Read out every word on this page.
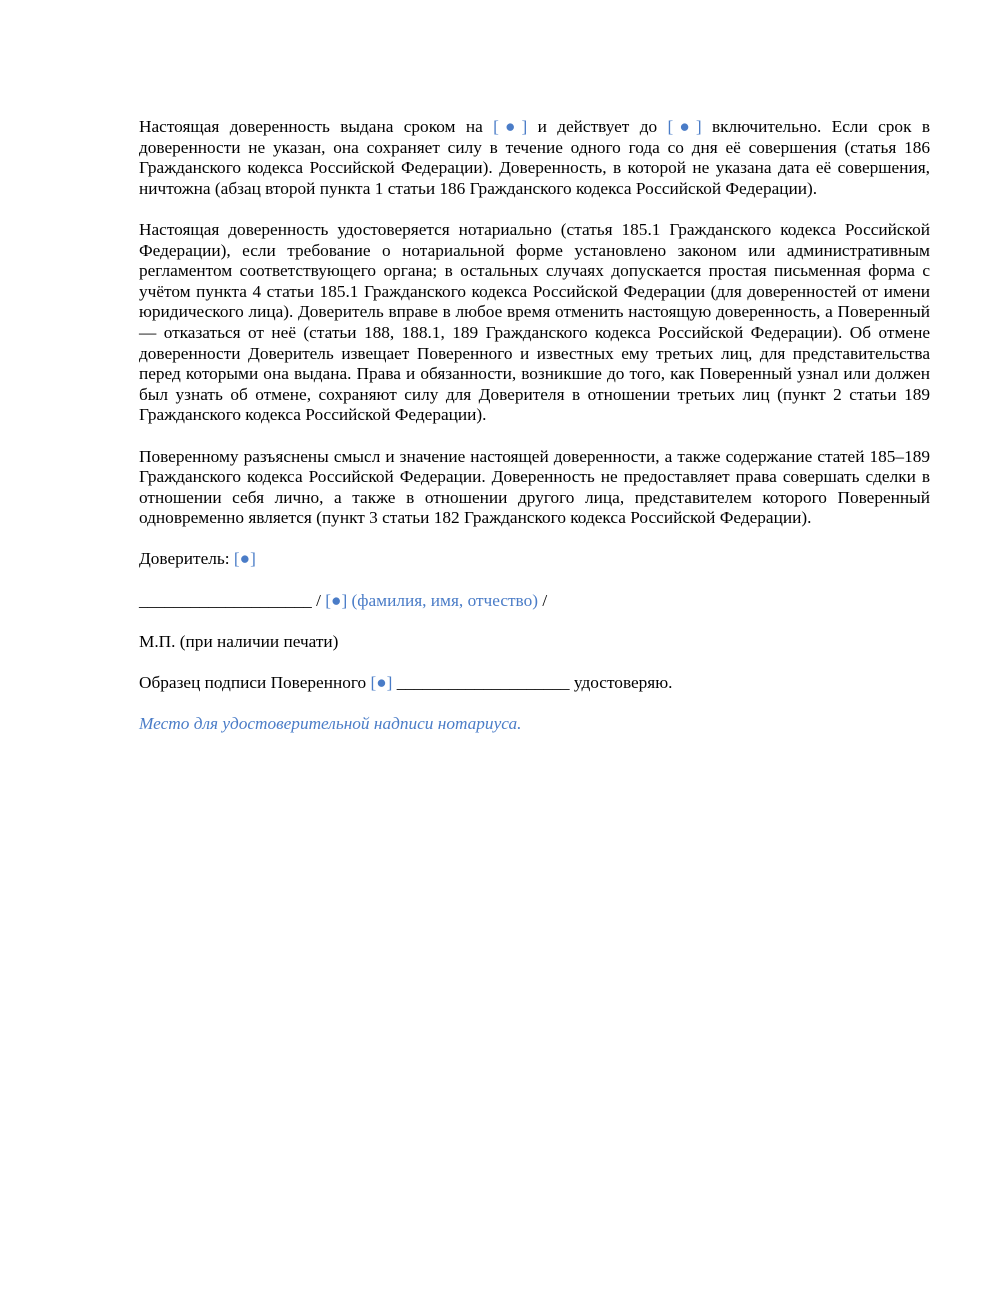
Настоящая доверенность выдана сроком на [●] и действует до [●] включительно. Если срок в доверенности не указан, она сохраняет силу в течение одного года со дня её совершения (статья 186 Гражданского кодекса Российской Федерации). Доверенность, в которой не указана дата её совершения, ничтожна (абзац второй пункта 1 статьи 186 Гражданского кодекса Российской Федерации).

Настоящая доверенность удостоверяется нотариально (статья 185.1 Гражданского кодекса Российской Федерации), если требование о нотариальной форме установлено законом или административным регламентом соответствующего органа; в остальных случаях допускается простая письменная форма с учётом пункта 4 статьи 185.1 Гражданского кодекса Российской Федерации (для доверенностей от имени юридического лица). Доверитель вправе в любое время отменить настоящую доверенность, а Поверенный — отказаться от неё (статьи 188, 188.1, 189 Гражданского кодекса Российской Федерации). Об отмене доверенности Доверитель извещает Поверенного и известных ему третьих лиц, для представительства перед которыми она выдана. Права и обязанности, возникшие до того, как Поверенный узнал или должен был узнать об отмене, сохраняют силу для Доверителя в отношении третьих лиц (пункт 2 статьи 189 Гражданского кодекса Российской Федерации).

Поверенному разъяснены смысл и значение настоящей доверенности, а также содержание статей 185–189 Гражданского кодекса Российской Федерации. Доверенность не предоставляет права совершать сделки в отношении себя лично, а также в отношении другого лица, представителем которого Поверенный одновременно является (пункт 3 статьи 182 Гражданского кодекса Российской Федерации).

Доверитель: [●]

____________________ / [●] (фамилия, имя, отчество) /

М.П. (при наличии печати)

Образец подписи Поверенного [●] ____________________ удостоверяю.

Место для удостоверительной надписи нотариуса.
